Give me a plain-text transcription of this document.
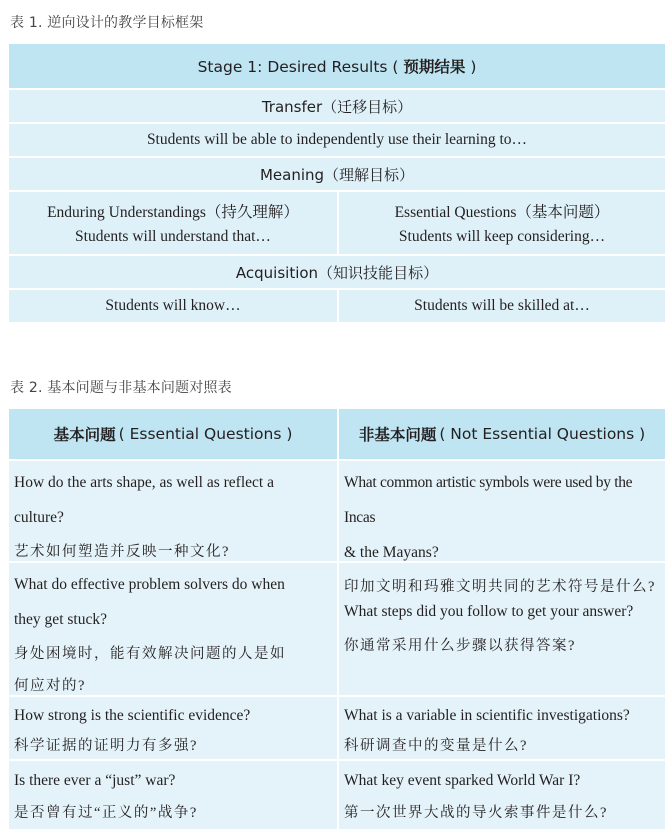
表 1. 逆向设计的教学目标框架
Stage 1: Desired Results ( 预期结果 )
Transfer（迁移目标）
Students will be able to independently use their learning to…
Meaning（理解目标）
Enduring Understandings（持久理解）
Students will understand that…
Essential Questions（基本问题）
Students will keep considering…
Acquisition（知识技能目标）
Students will know…	Students will be skilled at…
表 2. 基本问题与非基本问题对照表
基本问题 ( Essential Questions )	非基本问题 ( Not Essential Questions )
How do the arts shape, as well as reflect a
culture?
艺术如何塑造并反映一种文化?
What common artistic symbols were used by the Incas
& the Mayans?
印加文明和玛雅文明共同的艺术符号是什么?
What do effective problem solvers do when
they get stuck?
身处困境时，能有效解决问题的人是如
何应对的?
What steps did you follow to get your answer?
你通常采用什么步骤以获得答案?
How strong is the scientific evidence?
科学证据的证明力有多强?
What is a variable in scientific investigations?
科研调查中的变量是什么?
Is there ever a “just” war?
是否曾有过“正义的”战争?
What key event sparked World War I?
第一次世界大战的导火索事件是什么?
